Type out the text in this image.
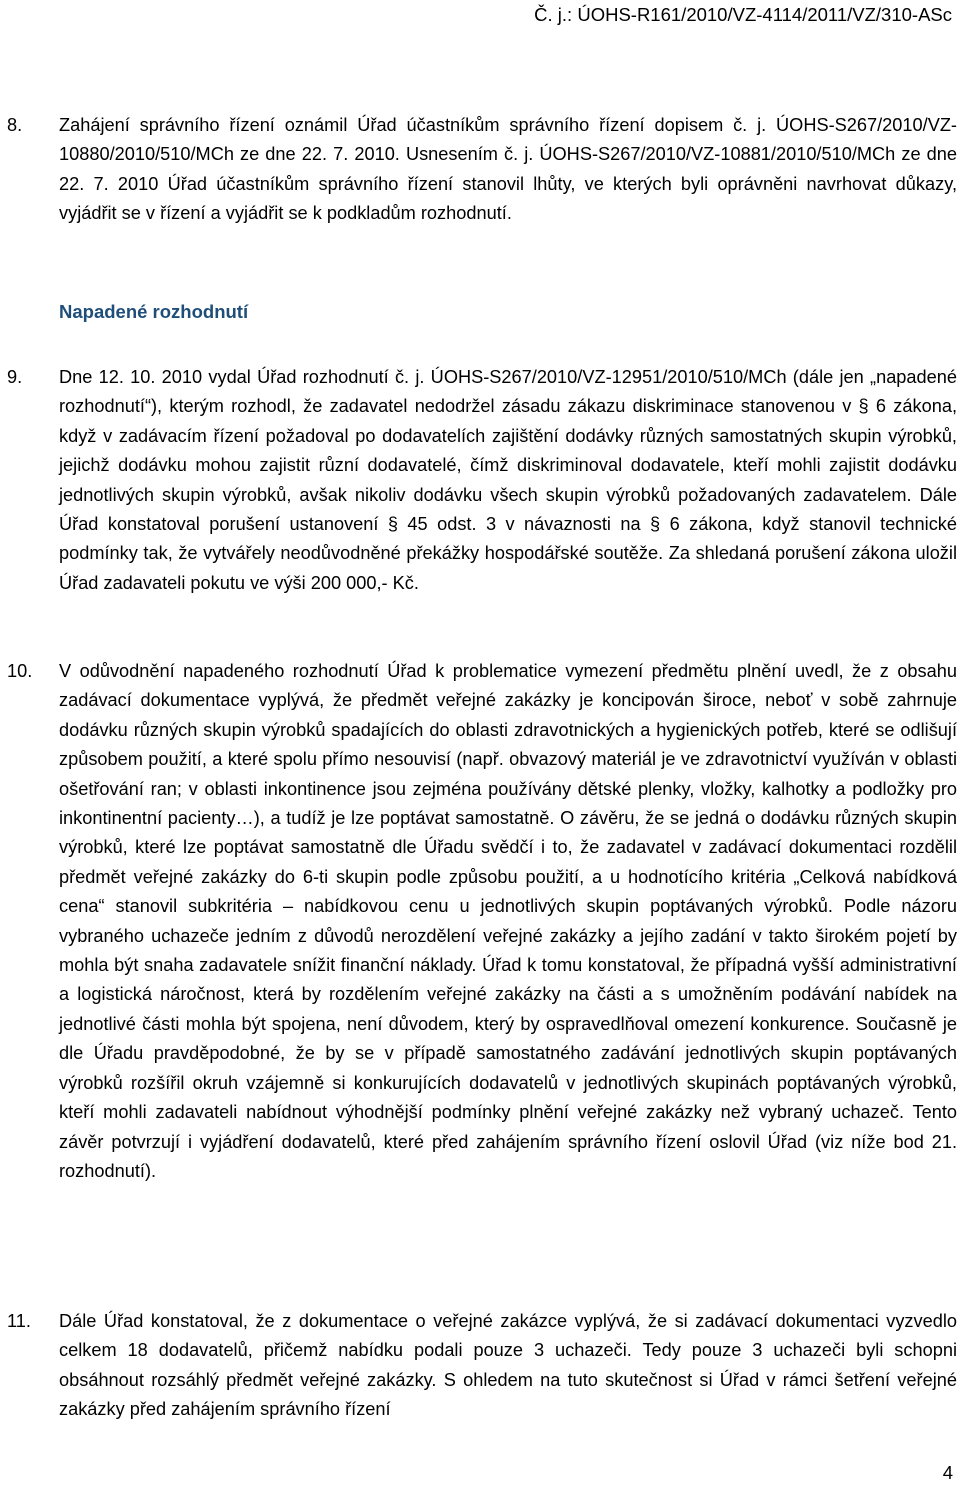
Č. j.: ÚOHS-R161/2010/VZ-4114/2011/VZ/310-ASc
8. Zahájení správního řízení oznámil Úřad účastníkům správního řízení dopisem č. j. ÚOHS-S267/2010/VZ-10880/2010/510/MCh ze dne 22. 7. 2010. Usnesením č. j. ÚOHS-S267/2010/VZ-10881/2010/510/MCh ze dne 22. 7. 2010 Úřad účastníkům správního řízení stanovil lhůty, ve kterých byli oprávněni navrhovat důkazy, vyjádřit se v řízení a vyjádřit se k podkladům rozhodnutí.
Napadené rozhodnutí
9. Dne 12. 10. 2010 vydal Úřad rozhodnutí č. j. ÚOHS-S267/2010/VZ-12951/2010/510/MCh (dále jen „napadené rozhodnutí“), kterým rozhodl, že zadavatel nedodržel zásadu zákazu diskriminace stanovenou v § 6 zákona, když v zadávacím řízení požadoval po dodavatelích zajištění dodávky různých samostatných skupin výrobků, jejichž dodávku mohou zajistit různí dodavatelé, čímž diskriminoval dodavatele, kteří mohli zajistit dodávku jednotlivých skupin výrobků, avšak nikoliv dodávku všech skupin výrobků požadovaných zadavatelem. Dále Úřad konstatoval porušení ustanovení § 45 odst. 3 v návaznosti na § 6 zákona, když stanovil technické podmínky tak, že vytvářely neodůvodněné překážky hospodářské soutěže. Za shledaná porušení zákona uložil Úřad zadavateli pokutu ve výši 200 000,- Kč.
10. V odůvodnění napadeného rozhodnutí Úřad k problematice vymezení předmětu plnění uvedl, že z obsahu zadávací dokumentace vyplývá, že předmět veřejné zakázky je koncipován široce, neboť v sobě zahrnuje dodávku různých skupin výrobků spadajících do oblasti zdravotnických a hygienických potřeb, které se odlišují způsobem použití, a které spolu přímo nesouvisí (např. obvazový materiál je ve zdravotnictví využíván v oblasti ošetřování ran; v oblasti inkontinence jsou zejména používány dětské plenky, vložky, kalhotky a podložky pro inkontinentní pacienty…), a tudíž je lze poptávat samostatně. O závěru, že se jedná o dodávku různých skupin výrobků, které lze poptávat samostatně dle Úřadu svědčí i to, že zadavatel v zadávací dokumentaci rozdělil předmět veřejné zakázky do 6-ti skupin podle způsobu použití, a u hodnotícího kritéria „Celková nabídková cena“ stanovil subkritéria – nabídkovou cenu u jednotlivých skupin poptávaných výrobků. Podle názoru vybraného uchazeče jedním z důvodů nerozdělení veřejné zakázky a jejího zadání v takto širokém pojetí by mohla být snaha zadavatele snížit finanční náklady. Úřad k tomu konstatoval, že případná vyšší administrativní a logistická náročnost, která by rozdělením veřejné zakázky na části a s umožněním podávání nabídek na jednotlivé části mohla být spojena, není důvodem, který by ospravedlňoval omezení konkurence. Současně je dle Úřadu pravděpodobné, že by se v případě samostatného zadávání jednotlivých skupin poptávaných výrobků rozšířil okruh vzájemně si konkurujících dodavatelů v jednotlivých skupinách poptávaných výrobků, kteří mohli zadavateli nabídnout výhodnější podmínky plnění veřejné zakázky než vybraný uchazeč. Tento závěr potvrzují i vyjádření dodavatelů, které před zahájením správního řízení oslovil Úřad (viz níže bod 21. rozhodnutí).
11. Dále Úřad konstatoval, že z dokumentace o veřejné zakázce vyplývá, že si zadávací dokumentaci vyzvedlo celkem 18 dodavatelů, přičemž nabídku podali pouze 3 uchazeči. Tedy pouze 3 uchazeči byli schopni obsáhnout rozsáhlý předmět veřejné zakázky. S ohledem na tuto skutečnost si Úřad v rámci šetření veřejné zakázky před zahájením správního řízení
4
